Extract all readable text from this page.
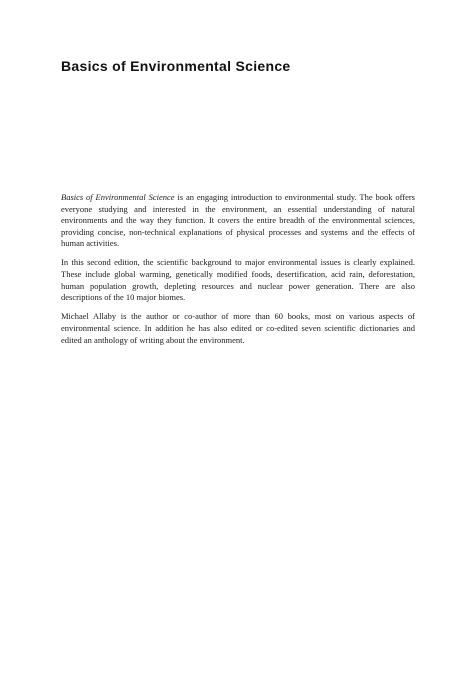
Basics of Environmental Science

Basics of Environmental Science is an engaging introduction to environmental study. The book offers everyone studying and interested in the environment, an essential understanding of natural environments and the way they function. It covers the entire breadth of the environmental sciences, providing concise, non-technical explanations of physical processes and systems and the effects of human activities.

In this second edition, the scientific background to major environmental issues is clearly explained. These include global warming, genetically modified foods, desertification, acid rain, deforestation, human population growth, depleting resources and nuclear power generation. There are also descriptions of the 10 major biomes.

Michael Allaby is the author or co-author of more than 60 books, most on various aspects of environmental science. In addition he has also edited or co-edited seven scientific dictionaries and edited an anthology of writing about the environment.
